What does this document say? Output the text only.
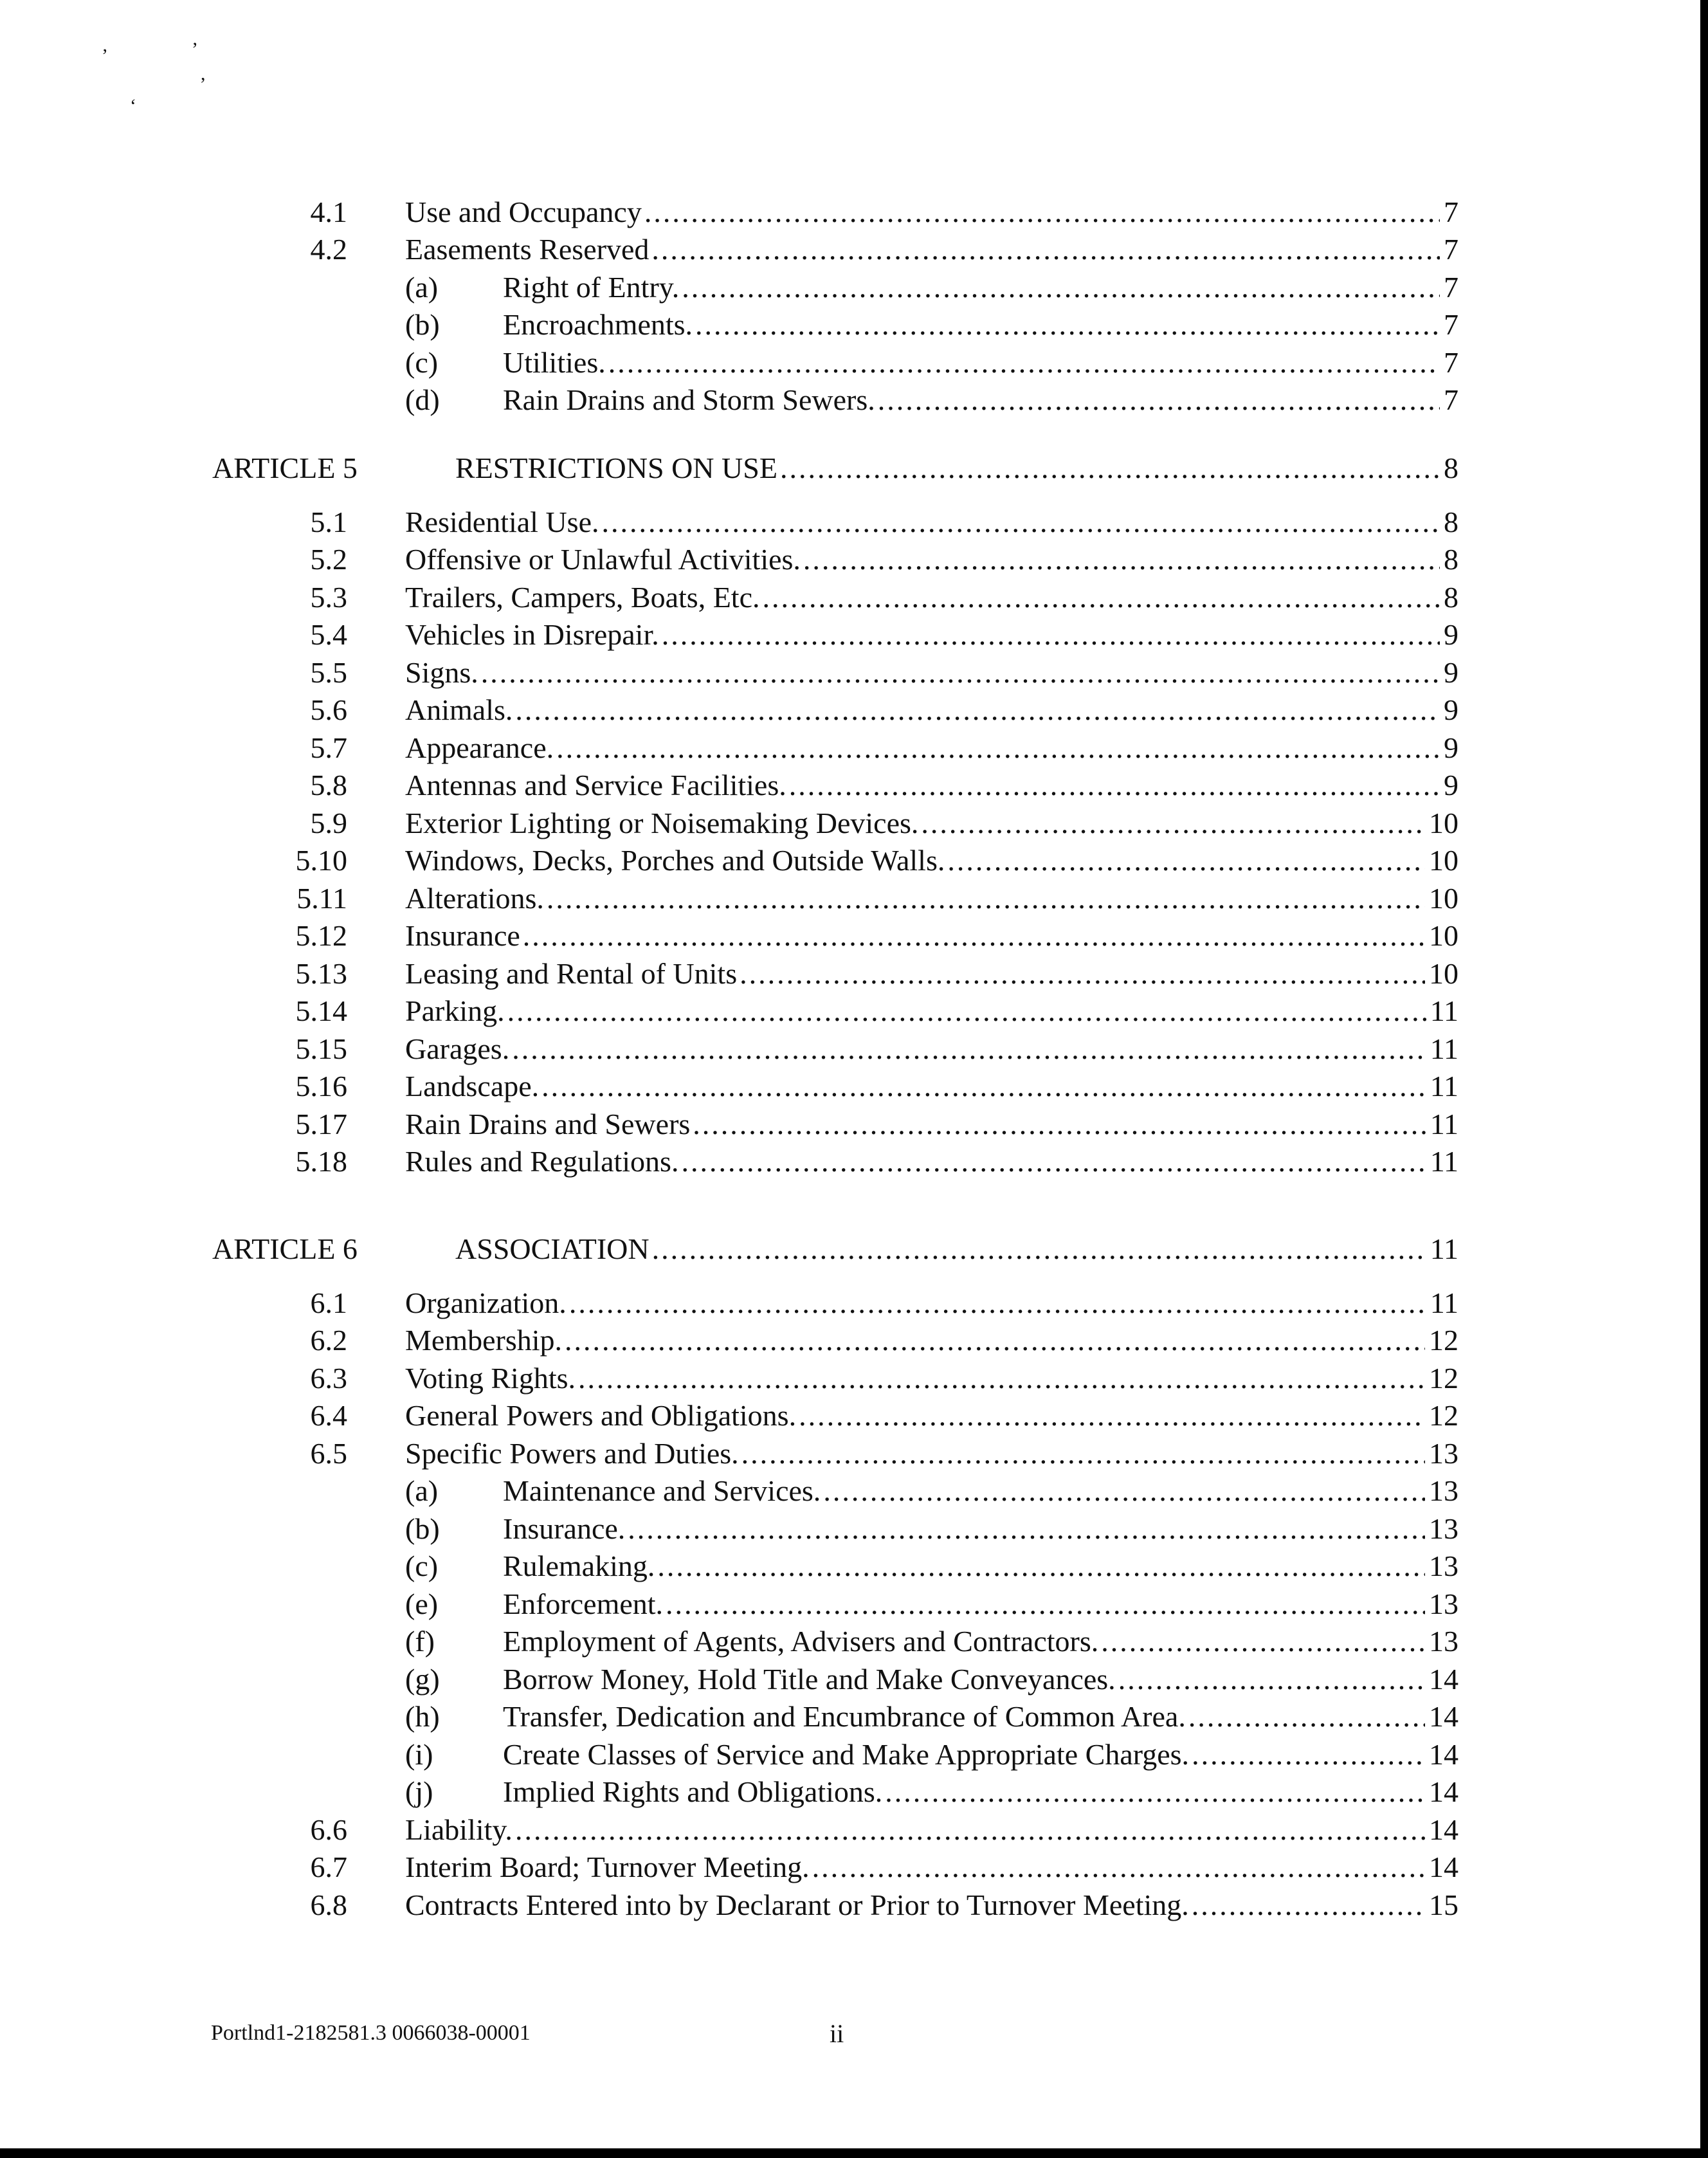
’	’
,
‘
4.1 Use and Occupancy .....	7
4.2 Easements Reserved .....	7
(a) Right of Entry. .....	7
(b) Encroachments. .....	7
(c) Utilities. .....	7
(d) Rain Drains and Storm Sewers. .....	7
ARTICLE 5	RESTRICTIONS ON USE .....	8
5.1 Residential Use. .....	8
5.2 Offensive or Unlawful Activities. .....	8
5.3 Trailers, Campers, Boats, Etc. .....	8
5.4 Vehicles in Disrepair. .....	9
5.5 Signs. .....	9
5.6 Animals. .....	9
5.7 Appearance. .....	9
5.8 Antennas and Service Facilities. .....	9
5.9 Exterior Lighting or Noisemaking Devices. .....	10
5.10 Windows, Decks, Porches and Outside Walls. .....	10
5.11 Alterations. .....	10
5.12 Insurance .....	10
5.13 Leasing and Rental of Units .....	10
5.14 Parking. .....	11
5.15 Garages. .....	11
5.16 Landscape. .....	11
5.17 Rain Drains and Sewers .....	11
5.18 Rules and Regulations. .....	11
ARTICLE 6	ASSOCIATION .....	11
6.1 Organization. .....	11
6.2 Membership. .....	12
6.3 Voting Rights. .....	12
6.4 General Powers and Obligations. .....	12
6.5 Specific Powers and Duties. .....	13
(a) Maintenance and Services. .....	13
(b) Insurance. .....	13
(c) Rulemaking. .....	13
(e) Enforcement. .....	13
(f) Employment of Agents, Advisers and Contractors. .....	13
(g) Borrow Money, Hold Title and Make Conveyances. .....	14
(h) Transfer, Dedication and Encumbrance of Common Area. .....	14
(i) Create Classes of Service and Make Appropriate Charges. .....	14
(j) Implied Rights and Obligations. .....	14
6.6 Liability. .....	14
6.7 Interim Board; Turnover Meeting. .....	14
6.8 Contracts Entered into by Declarant or Prior to Turnover Meeting. .....	15
Portlnd1-2182581.3 0066038-00001	ii
